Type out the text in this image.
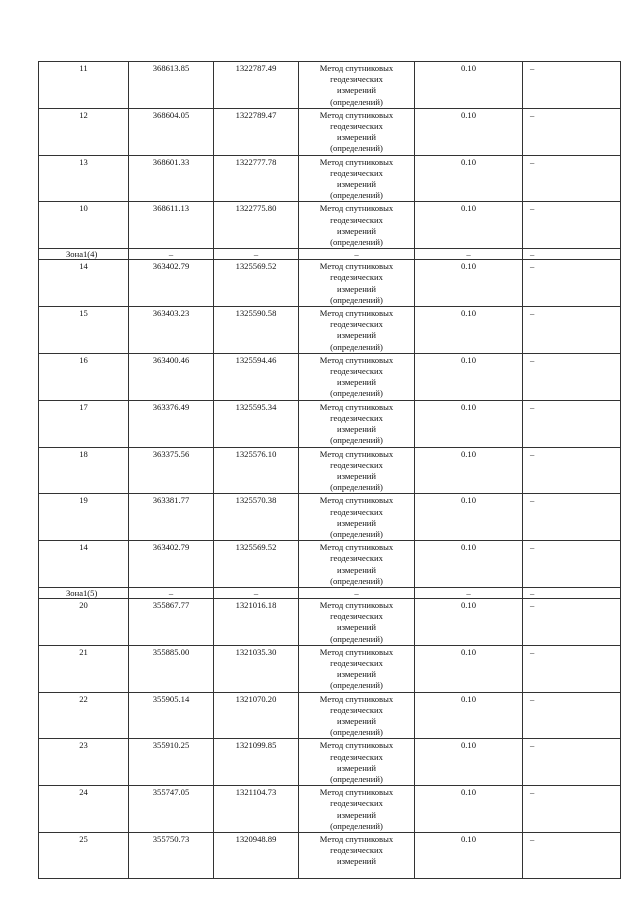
11	368613.85	1322787.49	Метод спутниковых
геодезических
измерений
(определений)	0.10	–
12	368604.05	1322789.47	Метод спутниковых
геодезических
измерений
(определений)	0.10	–
13	368601.33	1322777.78	Метод спутниковых
геодезических
измерений
(определений)	0.10	–
10	368611.13	1322775.80	Метод спутниковых
геодезических
измерений
(определений)	0.10	–
Зона1(4)	–	–	–	–	–
14	363402.79	1325569.52	Метод спутниковых
геодезических
измерений
(определений)	0.10	–
15	363403.23	1325590.58	Метод спутниковых
геодезических
измерений
(определений)	0.10	–
16	363400.46	1325594.46	Метод спутниковых
геодезических
измерений
(определений)	0.10	–
17	363376.49	1325595.34	Метод спутниковых
геодезических
измерений
(определений)	0.10	–
18	363375.56	1325576.10	Метод спутниковых
геодезических
измерений
(определений)	0.10	–
19	363381.77	1325570.38	Метод спутниковых
геодезических
измерений
(определений)	0.10	–
14	363402.79	1325569.52	Метод спутниковых
геодезических
измерений
(определений)	0.10	–
Зона1(5)	–	–	–	–	–
20	355867.77	1321016.18	Метод спутниковых
геодезических
измерений
(определений)	0.10	–
21	355885.00	1321035.30	Метод спутниковых
геодезических
измерений
(определений)	0.10	–
22	355905.14	1321070.20	Метод спутниковых
геодезических
измерений
(определений)	0.10	–
23	355910.25	1321099.85	Метод спутниковых
геодезических
измерений
(определений)	0.10	–
24	355747.05	1321104.73	Метод спутниковых
геодезических
измерений
(определений)	0.10	–
25	355750.73	1320948.89	Метод спутниковых
геодезических
измерений	0.10	–
